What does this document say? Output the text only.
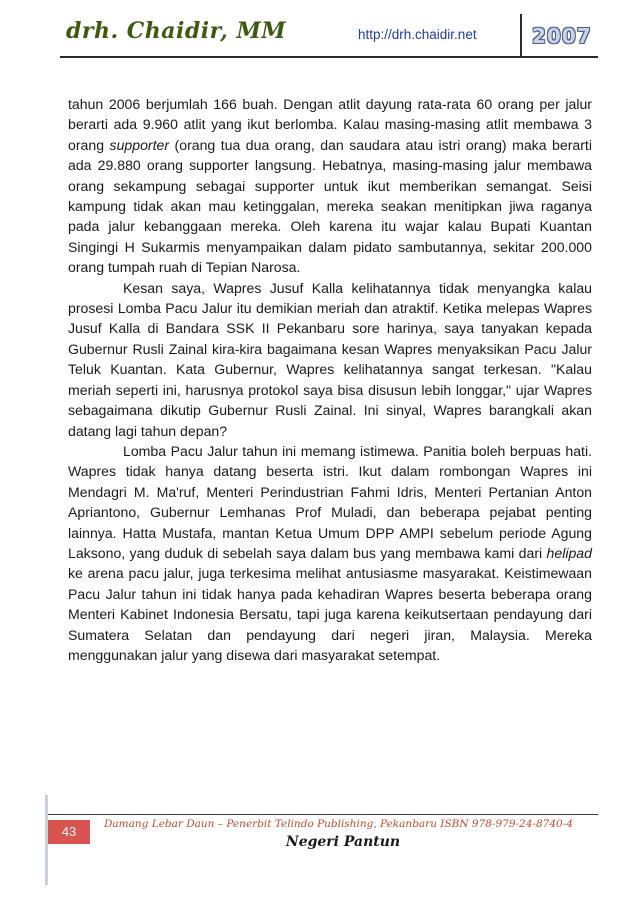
drh. Chaidir, MM	http://drh.chaidir.net	2007

tahun 2006 berjumlah 166 buah. Dengan atlit dayung rata-rata 60 orang per jalur berarti ada 9.960 atlit yang ikut berlomba. Kalau masing-masing atlit membawa 3 orang supporter (orang tua dua orang, dan saudara atau istri orang) maka berarti ada 29.880 orang supporter langsung. Hebatnya, masing-masing jalur membawa orang sekampung sebagai supporter untuk ikut memberikan semangat. Seisi kampung tidak akan mau ketinggalan, mereka seakan menitipkan jiwa raganya pada jalur kebanggaan mereka. Oleh karena itu wajar kalau Bupati Kuantan Singingi H Sukarmis menyampaikan dalam pidato sambutannya, sekitar 200.000 orang tumpah ruah di Tepian Narosa.

Kesan saya, Wapres Jusuf Kalla kelihatannya tidak menyangka kalau prosesi Lomba Pacu Jalur itu demikian meriah dan atraktif. Ketika melepas Wapres Jusuf Kalla di Bandara SSK II Pekanbaru sore harinya, saya tanyakan kepada Gubernur Rusli Zainal kira-kira bagaimana kesan Wapres menyaksikan Pacu Jalur Teluk Kuantan. Kata Gubernur, Wapres kelihatannya sangat terkesan. "Kalau meriah seperti ini, harusnya protokol saya bisa disusun lebih longgar," ujar Wapres sebagaimana dikutip Gubernur Rusli Zainal. Ini sinyal, Wapres barangkali akan datang lagi tahun depan?

Lomba Pacu Jalur tahun ini memang istimewa. Panitia boleh berpuas hati. Wapres tidak hanya datang beserta istri. Ikut dalam rombongan Wapres ini Mendagri M. Ma'ruf, Menteri Perindustrian Fahmi Idris, Menteri Pertanian Anton Apriantono, Gubernur Lemhanas Prof Muladi, dan beberapa pejabat penting lainnya. Hatta Mustafa, mantan Ketua Umum DPP AMPI sebelum periode Agung Laksono, yang duduk di sebelah saya dalam bus yang membawa kami dari helipad ke arena pacu jalur, juga terkesima melihat antusiasme masyarakat. Keistimewaan Pacu Jalur tahun ini tidak hanya pada kehadiran Wapres beserta beberapa orang Menteri Kabinet Indonesia Bersatu, tapi juga karena keikutsertaan pendayung dari Sumatera Selatan dan pendayung dari negeri jiran, Malaysia. Mereka menggunakan jalur yang disewa dari masyarakat setempat.

43	Damang Lebar Daun – Penerbit Telindo Publishing, Pekanbaru ISBN 978-979-24-8740-4
Negeri Pantun
